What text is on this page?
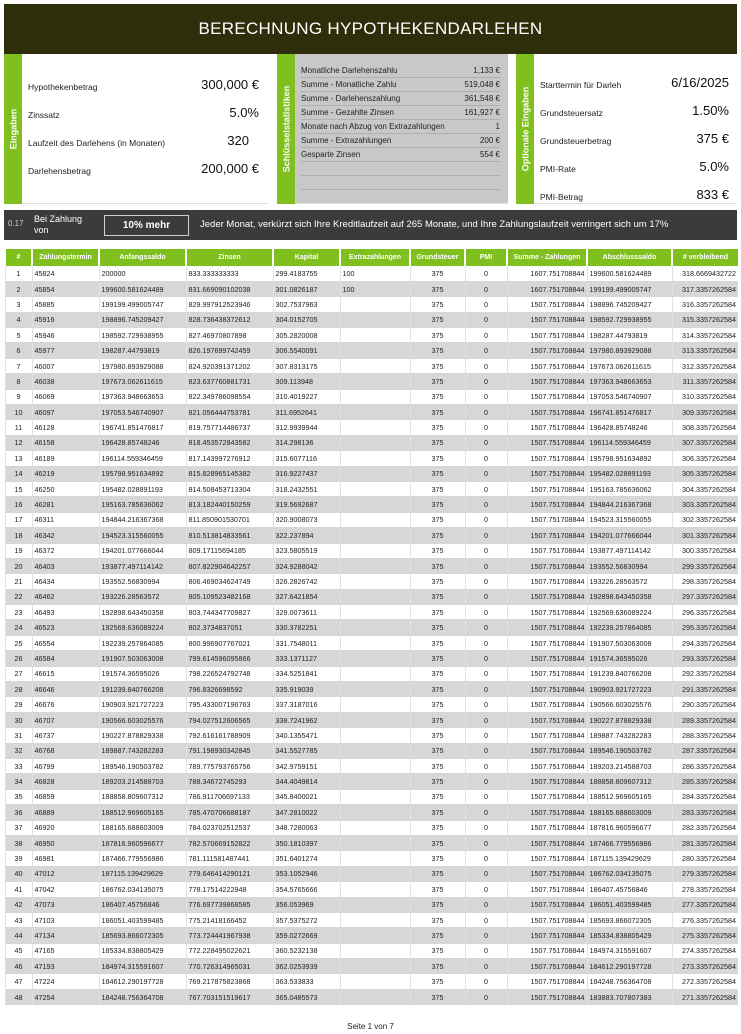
BERECHNUNG HYPOTHEKENDARLEHEN
Eingaben
Hypothekenbetrag	300,000 €
Zinssatz	5.0%
Laufzeit des Darlehens (in Monaten)	320
Darlehensbetrag	200,000 € Schlüsselstatistiken
Monatliche Darlehenszahlu	1,133 €
Summe - Monatliche Zahlu	519,048 €
Summe - Darlehenszahlung	361,548 €
Summe - Gezahlte Zinsen	161,927 €
Monate nach Abzug von Extrazahlungen	1
Summe - Extrazahlungen	200 €
Gesparte Zinsen	554 € Optionale Eingaben
Starttermin für Darleh	6/16/2025
Grundsteuersatz	1.50%
Grundsteuerbetrag	375 €
PMI-Rate	5.0%
PMI-Betrag	833 €
0.17 Bei Zahlung von	10% mehr	Jeder Monat, verkürzt sich Ihre Kreditlaufzeit auf 265 Monate, und Ihre Zahlungslaufzeit verringert sich um 17%
#	Zahlungstermin	Anfangssaldo	Zinsen	Kapital	Extrazahlungen	Grundsteuer	PMI	Summe - Zahlungen	Abschlusssaldo	# verbleibend
1	45824	200000	833.333333333	299.4183755	100	375	0	1607.751708844	199600.581624489	318.6669432722
2	45854	199600.581624489	831.669090102038	301.0826187	100	375	0	1607.751708844	199199.499005747	317.3357262584
3	45885	199199.499005747	829.997912523946	302.7537963		375	0	1507.751708844	198896.745209427	316.3357262584
4	45916	198896.745209427	828.736438372612	304.0152705		375	0	1507.751708844	198592.729938955	315.3357262584
5	45946	198592.729938955	827.46970807898	305.2820008		375	0	1507.751708844	198287.44793819	314.3357262584
6	45977	198287.44793819	826.197699742459	306.5540091		375	0	1507.751708844	197980.893929088	313.3357262584
7	46007	197980.893929088	824.920391371202	307.8313175		375	0	1507.751708844	197673.062611615	312.3357262584
8	46038	197673.062611615	823.637760881731	309.113948		375	0	1507.751708844	197363.948663653	311.3357262584
9	46069	197363.948663653	822.349786098554	310.4019227		375	0	1507.751708844	197053.546740907	310.3357262584
10	46097	197053.546740907	821.056444753781	311.6952641		375	0	1507.751708844	196741.851476817	309.3357262584
11	46128	196741.851476817	819.757714486737	312.9939944		375	0	1507.751708844	196428.85748246	308.3357262584
12	46158	196428.85748246	818.453572843582	314.298136		375	0	1507.751708844	196114.559346459	307.3357262584
13	46189	196114.559346459	817.143997276912	315.6077116		375	0	1507.751708844	195798.951634892	306.3357262584
14	46219	195798.951634892	815.828965145382	316.9227437		375	0	1507.751708844	195482.028891193	305.3357262584
15	46250	195482.028891193	814.508453713304	318.2432551		375	0	1507.751708844	195163.785636062	304.3357262584
16	46281	195163.785636062	813.182440150259	319.5692687		375	0	1507.751708844	194844.216367368	303.3357262584
17	46311	194844.216367368	811.850901530701	320.9008073		375	0	1507.751708844	194523.315560055	302.3357262584
18	46342	194523.315560055	810.513814833561	322.237894		375	0	1507.751708844	194201.077666044	301.3357262584
19	46372	194201.077666044	809.17115694185	323.5805519		375	0	1507.751708844	193877.497114142	300.3357262584
20	46403	193877.497114142	807.822904642257	324.9288042		375	0	1507.751708844	193552.56830994	299.3357262584
21	46434	193552.56830994	806.469034624749	326.2826742		375	0	1507.751708844	193226.28563572	298.3357262584
22	46462	193226.28563572	805.109523482168	327.6421854		375	0	1507.751708844	192898.643450358	297.3357262584
23	46493	192898.643450358	803.744347709827	329.0073611		375	0	1507.751708844	192569.636089224	296.3357262584
24	46523	192569.636089224	802.3734837051	330.3782251		375	0	1507.751708844	192239.257864085	295.3357262584
25	46554	192239.257864085	800.996907767021	331.7548011		375	0	1507.751708844	191907.503063008	294.3357262584
26	46584	191907.503063008	799.614596095866	333.1371127		375	0	1507.751708844	191574.36595026	293.3357262584
27	46615	191574.36595026	798.226524792748	334.5251841		375	0	1507.751708844	191239.840766208	292.3357262584
28	46646	191239.840766208	796.8326698592	335.919039		375	0	1507.751708844	190903.921727223	291.3357262584
29	46676	190903.921727223	795.433007196763	337.3187016		375	0	1507.751708844	190566.603025576	290.3357262584
30	46707	190566.603025576	794.027512606565	338.7241962		375	0	1507.751708844	190227.878829338	289.3357262584
31	46737	190227.878829338	792.616161788909	340.1355471		375	0	1507.751708844	189887.743282283	288.3357262584
32	46768	189887.743282283	791.198930342845	341.5527785		375	0	1507.751708844	189546.190503782	287.3357262584
33	46799	189546.190503782	789.775793765756	342.9759151		375	0	1507.751708844	189203.214588703	286.3357262584
34	46828	189203.214588703	788.34672745293	344.4049814		375	0	1507.751708844	188858.809607312	285.3357262584
35	46859	188858.809607312	786.911706697133	345.8400021		375	0	1507.751708844	188512.969605165	284.3357262584
36	46889	188512.969605165	785.470706688187	347.2810022		375	0	1507.751708844	188165.688603009	283.3357262584
37	46920	188165.688603009	784.023702512537	348.7280063		375	0	1507.751708844	187816.960596677	282.3357262584
38	46950	187816.960596677	782.570669152822	350.1810397		375	0	1507.751708844	187466.779556986	281.3357262584
39	46981	187466.779556986	781.111581487441	351.6401274		375	0	1507.751708844	187115.139429629	280.3357262584
40	47012	187115.139429629	779.646414290121	353.1052946		375	0	1507.751708844	186762.034135075	279.3357262584
41	47042	186762.034135075	778.17514222948	354.5765666		375	0	1507.751708844	186407.45756846	278.3357262584
42	47073	186407.45756846	776.697739868585	356.053969		375	0	1507.751708844	186051.403599485	277.3357262584
43	47103	186051.403599485	775.21418166452	357.5375272		375	0	1507.751708844	185693.866072305	276.3357262584
44	47134	185693.866072305	773.724441967938	359.0272669		375	0	1507.751708844	185334.838805429	275.3357262584
45	47165	185334.838805429	772.228495022621	360.5232138		375	0	1507.751708844	184974.315591607	274.3357262584
46	47193	184974.315591607	770.726314965031	362.0253939		375	0	1507.751708844	184612.290197728	273.3357262584
47	47224	184612.290197728	769.217875823868	363.533833		375	0	1507.751708844	184248.756364708	272.3357262584
48	47254	184248.756364708	767.703151519617	365.0485573		375	0	1507.751708844	183883.707807383	271.3357262584
Seite 1 von 7
